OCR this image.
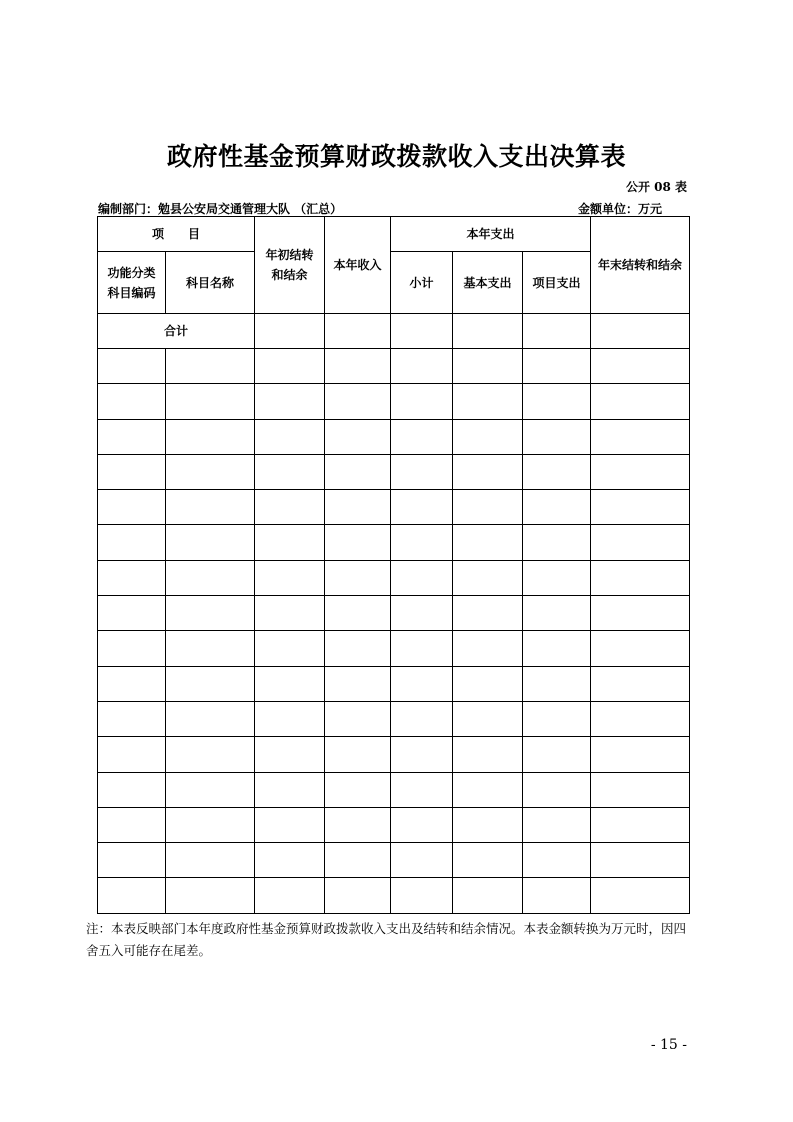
政府性基金预算财政拨款收入支出决算表
公开 08 表
编制部门：勉县公安局交通管理大队 （汇总）	金额单位：万元
项　　目		年初结转和结余	本年收入	本年支出			年末结转和结余
功能分类科目编码	科目名称			小计	基本支出	项目支出	
合计							

注：本表反映部门本年度政府性基金预算财政拨款收入支出及结转和结余情况。本表金额转换为万元时，因四舍五入可能存在尾差。
- 15 -
